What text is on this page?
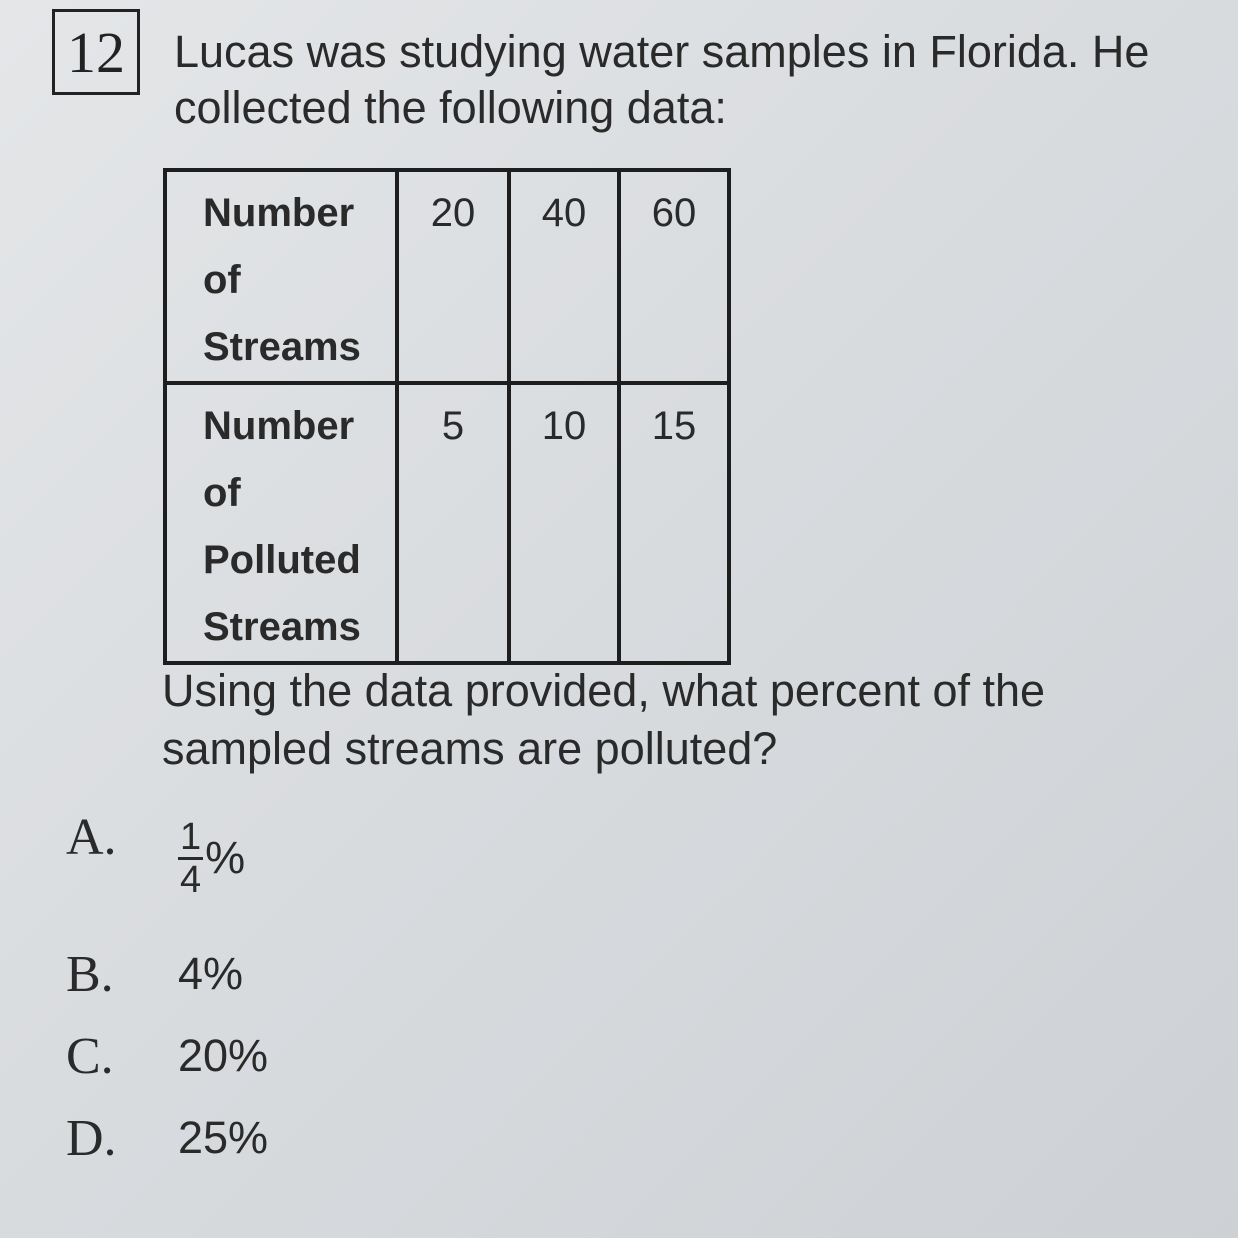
12 Lucas was studying water samples in Florida. He collected the following data:
Number
of
Streams	20	40	60

Number
of
Polluted
Streams	5	10	15
Using the data provided, what percent of the sampled streams are polluted?
A.	$\frac{1}{4}$ %
B.	4%
C.	20%
D.	25%
